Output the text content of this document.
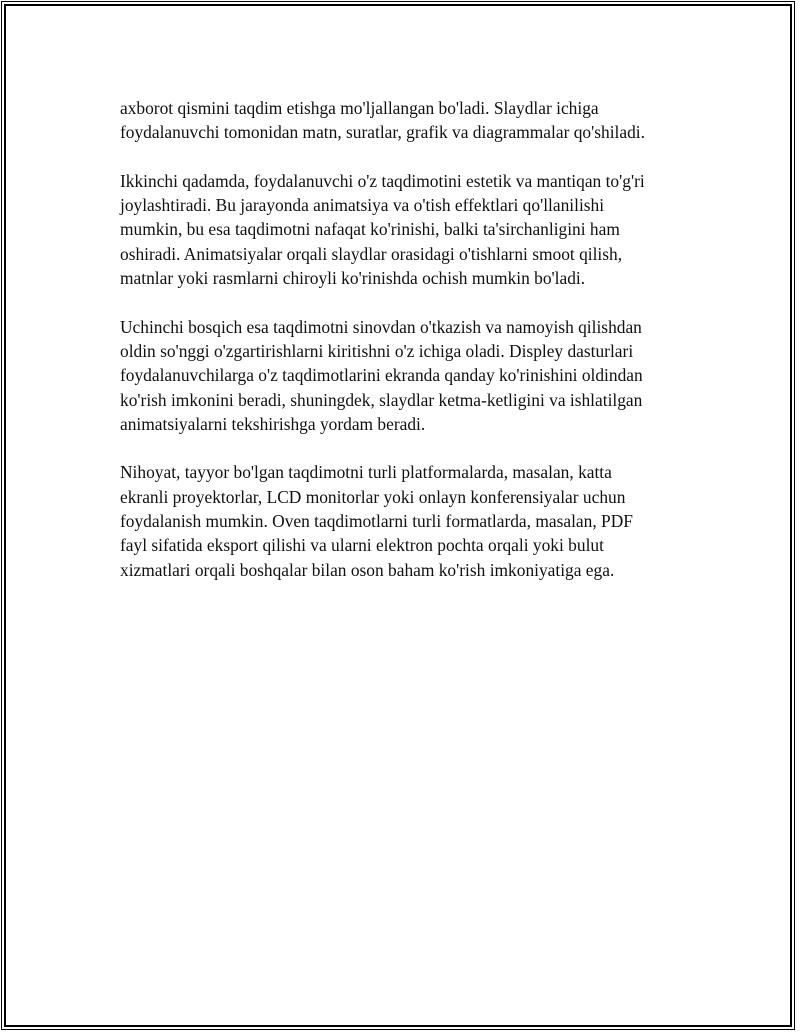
axborot qismini taqdim etishga mo'ljallangan bo'ladi. Slaydlar ichiga
foydalanuvchi tomonidan matn, suratlar, grafik va diagrammalar qo'shiladi.

Ikkinchi qadamda, foydalanuvchi o'z taqdimotini estetik va mantiqan to'g'ri
joylashtiradi. Bu jarayonda animatsiya va o'tish effektlari qo'llanilishi
mumkin, bu esa taqdimotni nafaqat ko'rinishi, balki ta'sirchanligini ham
oshiradi. Animatsiyalar orqali slaydlar orasidagi o'tishlarni smoot qilish,
matnlar yoki rasmlarni chiroyli ko'rinishda ochish mumkin bo'ladi.

Uchinchi bosqich esa taqdimotni sinovdan o'tkazish va namoyish qilishdan
oldin so'nggi o'zgartirishlarni kiritishni o'z ichiga oladi. Displey dasturlari
foydalanuvchilarga o'z taqdimotlarini ekranda qanday ko'rinishini oldindan
ko'rish imkonini beradi, shuningdek, slaydlar ketma-ketligini va ishlatilgan
animatsiyalarni tekshirishga yordam beradi.

Nihoyat, tayyor bo'lgan taqdimotni turli platformalarda, masalan, katta
ekranli proyektorlar, LCD monitorlar yoki onlayn konferensiyalar uchun
foydalanish mumkin. Oven taqdimotlarni turli formatlarda, masalan, PDF
fayl sifatida eksport qilishi va ularni elektron pochta orqali yoki bulut
xizmatlari orqali boshqalar bilan oson baham ko'rish imkoniyatiga ega.
